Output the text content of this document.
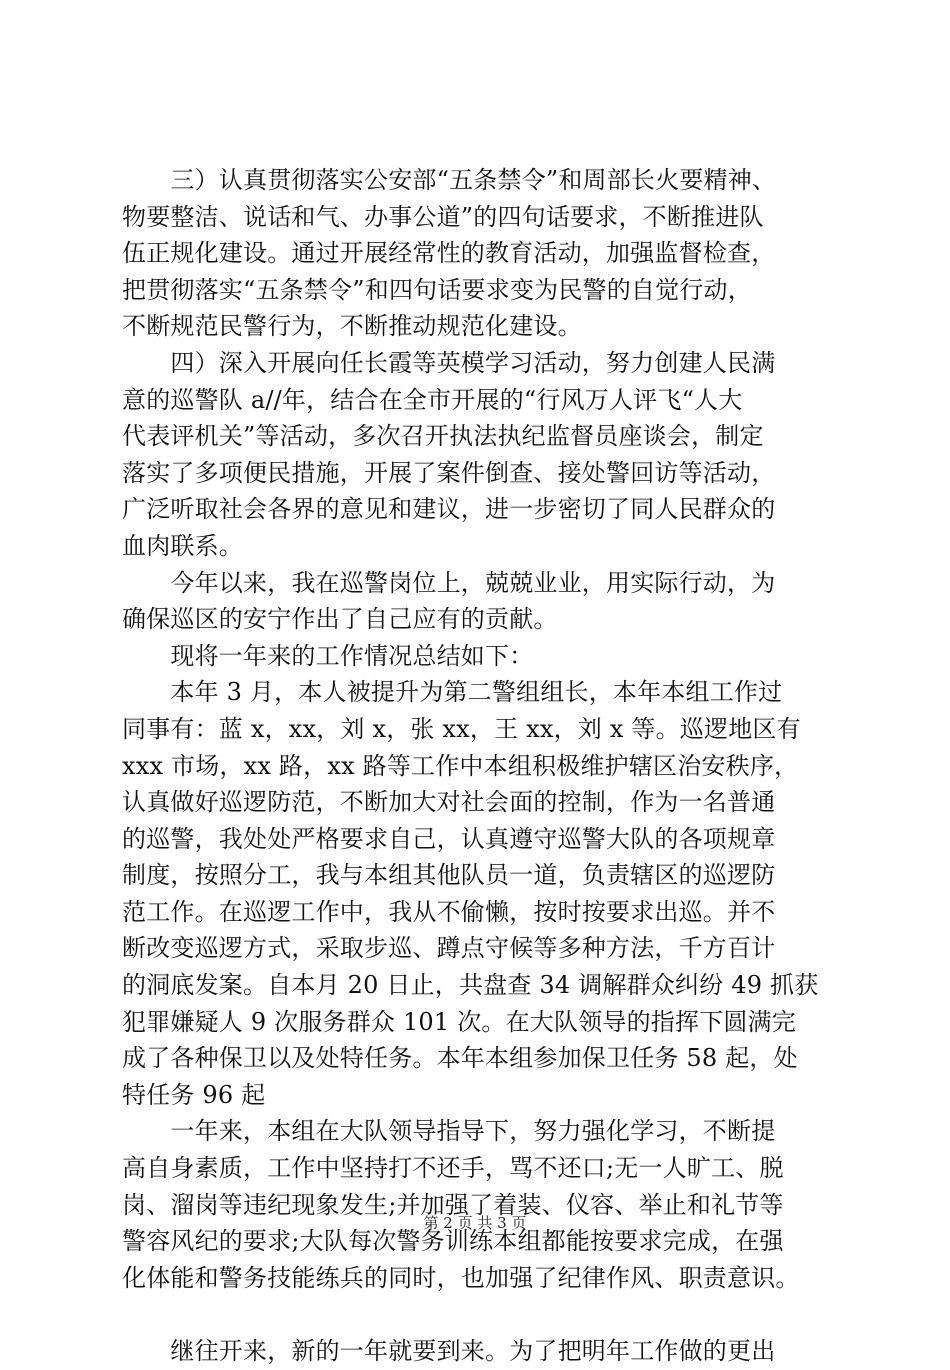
　　三）认真贯彻落实公安部“五条禁令”和周部长火要精神、
物要整洁、说话和气、办事公道”的四句话要求，不断推进队
伍正规化建设。通过开展经常性的教育活动，加强监督检查，
把贯彻落实“五条禁令”和四句话要求变为民警的自觉行动，
不断规范民警行为，不断推动规范化建设。
　　四）深入开展向任长霞等英模学习活动，努力创建人民满
意的巡警队 a//年，结合在全市开展的“行风万人评飞“人大
代表评机关”等活动，多次召开执法执纪监督员座谈会，制定
落实了多项便民措施，开展了案件倒查、接处警回访等活动，
广泛听取社会各界的意见和建议，进一步密切了同人民群众的
血肉联系。
　　今年以来，我在巡警岗位上，兢兢业业，用实际行动，为
确保巡区的安宁作出了自己应有的贡献。
　　现将一年来的工作情况总结如下：
　　本年 3 月，本人被提升为第二警组组长，本年本组工作过
同事有：蓝 x，xx，刘 x，张 xx，王 xx，刘 x 等。巡逻地区有
xxx 市场，xx 路，xx 路等工作中本组积极维护辖区治安秩序，
认真做好巡逻防范，不断加大对社会面的控制，作为一名普通
的巡警，我处处严格要求自己，认真遵守巡警大队的各项规章
制度，按照分工，我与本组其他队员一道，负责辖区的巡逻防
范工作。在巡逻工作中，我从不偷懒，按时按要求出巡。并不
断改变巡逻方式，采取步巡、蹲点守候等多种方法，千方百计
的洞底发案。自本月 20 日止，共盘查 34 调解群众纠纷 49 抓获
犯罪嫌疑人 9 次服务群众 101 次。在大队领导的指挥下圆满完
成了各种保卫以及处特任务。本年本组参加保卫任务 58 起，处
特任务 96 起
　　一年来，本组在大队领导指导下，努力强化学习，不断提
高自身素质，工作中坚持打不还手，骂不还口;无一人旷工、脱
岗、溜岗等违纪现象发生;并加强了着装、仪容、举止和礼节等
警容风纪的要求;大队每次警务训练本组都能按要求完成，在强
化体能和警务技能练兵的同时，也加强了纪律作风、职责意识。
　　继往开来，新的一年就要到来。为了把明年工作做的更出
第 2 页 共 3 页
